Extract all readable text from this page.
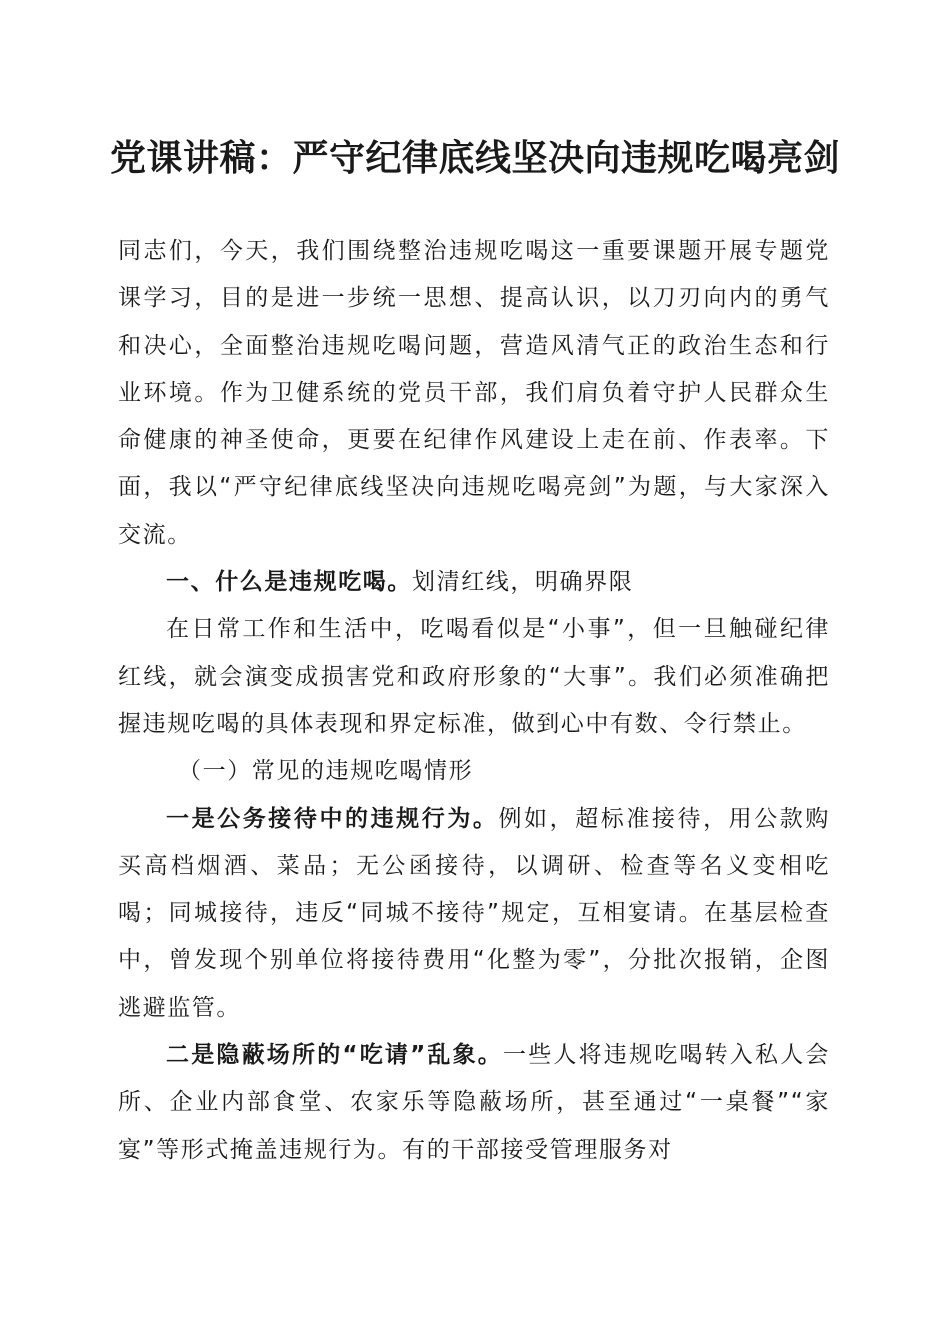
党课讲稿：严守纪律底线坚决向违规吃喝亮剑

同志们，今天，我们围绕整治违规吃喝这一重要课题开展专题党课学习，目的是进一步统一思想、提高认识，以刀刃向内的勇气和决心，全面整治违规吃喝问题，营造风清气正的政治生态和行业环境。作为卫健系统的党员干部，我们肩负着守护人民群众生命健康的神圣使命，更要在纪律作风建设上走在前、作表率。下面，我以“严守纪律底线坚决向违规吃喝亮剑”为题，与大家深入交流。

一、什么是违规吃喝。划清红线，明确界限

在日常工作和生活中，吃喝看似是“小事”，但一旦触碰纪律红线，就会演变成损害党和政府形象的“大事”。我们必须准确把握违规吃喝的具体表现和界定标准，做到心中有数、令行禁止。

（一）常见的违规吃喝情形

一是公务接待中的违规行为。例如，超标准接待，用公款购买高档烟酒、菜品；无公函接待，以调研、检查等名义变相吃喝；同城接待，违反“同城不接待”规定，互相宴请。在基层检查中，曾发现个别单位将接待费用“化整为零”，分批次报销，企图逃避监管。

二是隐蔽场所的“吃请”乱象。一些人将违规吃喝转入私人会所、企业内部食堂、农家乐等隐蔽场所，甚至通过“一桌餐”“家宴”等形式掩盖违规行为。有的干部接受管理服务对
